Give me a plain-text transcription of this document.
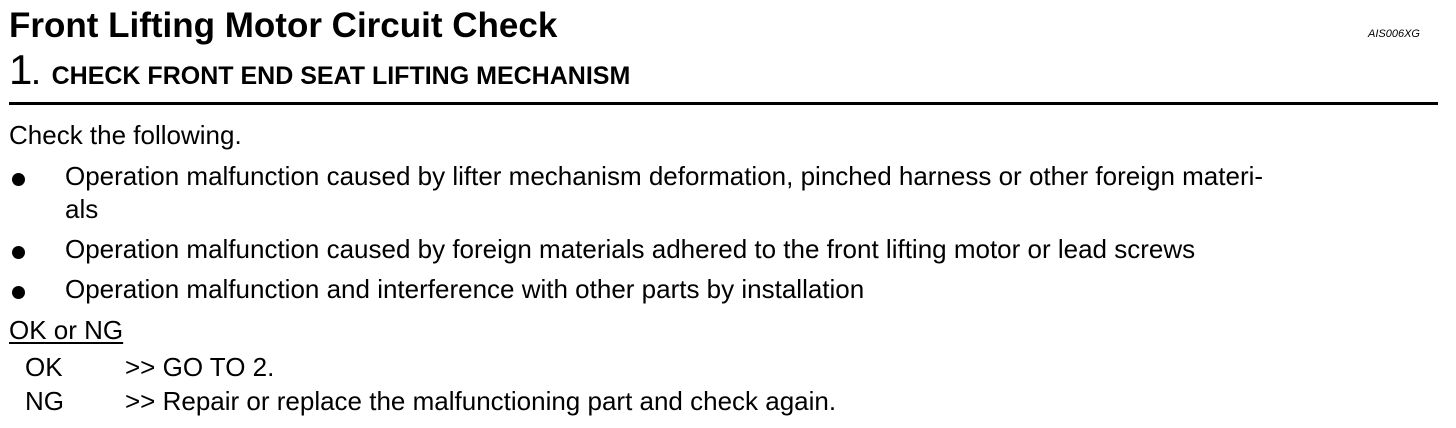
Front Lifting Motor Circuit Check	AIS006XG
1. CHECK FRONT END SEAT LIFTING MECHANISM
Check the following.
Operation malfunction caused by lifter mechanism deformation, pinched harness or other foreign materi-
als
Operation malfunction caused by foreign materials adhered to the front lifting motor or lead screws
Operation malfunction and interference with other parts by installation
OK or NG
OK >> GO TO 2.
NG >> Repair or replace the malfunctioning part and check again.
